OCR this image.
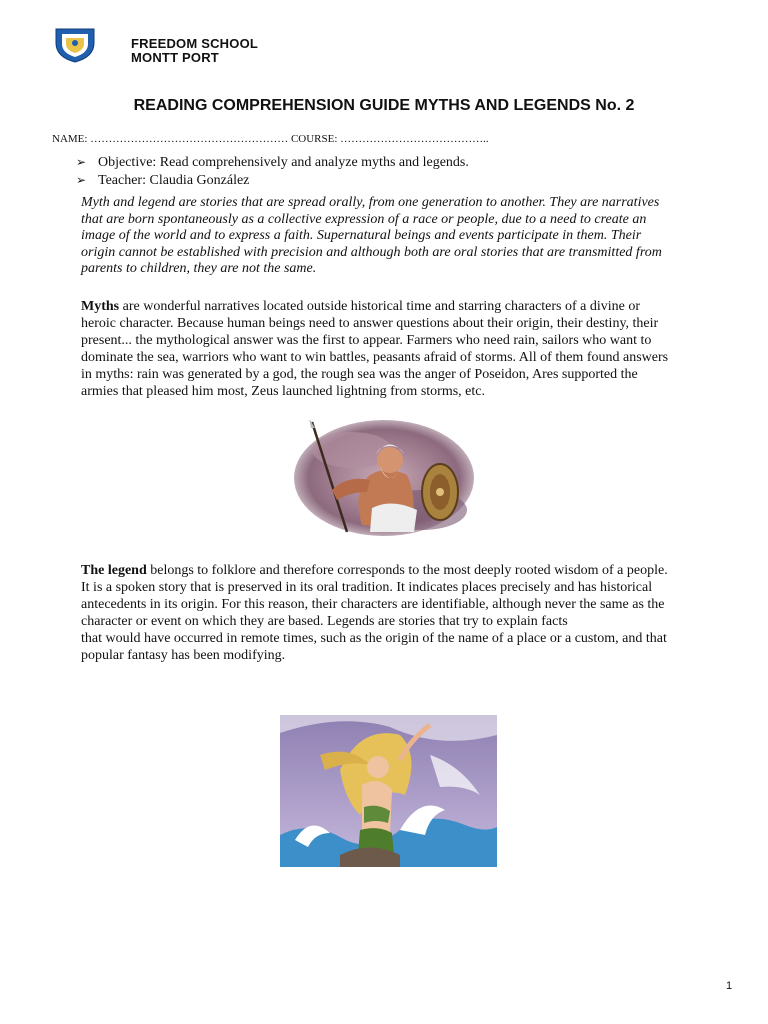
FREEDOM SCHOOL
MONTT PORT
READING COMPREHENSION GUIDE MYTHS AND LEGENDS No. 2
NAME: ……………………………………………… COURSE: …………………………………..
➢ Objective: Read comprehensively and analyze myths and legends.
➢ Teacher: Claudia González

Myth and legend are stories that are spread orally, from one generation to another. They are narratives that are born spontaneously as a collective expression of a race or people, due to a need to create an image of the world and to express a faith. Supernatural beings and events participate in them. Their origin cannot be established with precision and although both are oral stories that are transmitted from parents to children, they are not the same.

Myths are wonderful narratives located outside historical time and starring characters of a divine or heroic character. Because human beings need to answer questions about their origin, their destiny, their present... the mythological answer was the first to appear. Farmers who need rain, sailors who want to dominate the sea, warriors who want to win battles, peasants afraid of storms. All of them found answers in myths: rain was generated by a god, the rough sea was the anger of Poseidon, Ares supported the armies that pleased him most, Zeus launched lightning from storms, etc.

The legend belongs to folklore and therefore corresponds to the most deeply rooted wisdom of a people. It is a spoken story that is preserved in its oral tradition. It indicates places precisely and has historical antecedents in its origin. For this reason, their characters are identifiable, although never the same as the character or event on which they are based. Legends are stories that try to explain facts
that would have occurred in remote times, such as the origin of the name of a place or a custom, and that popular fantasy has been modifying.

1
